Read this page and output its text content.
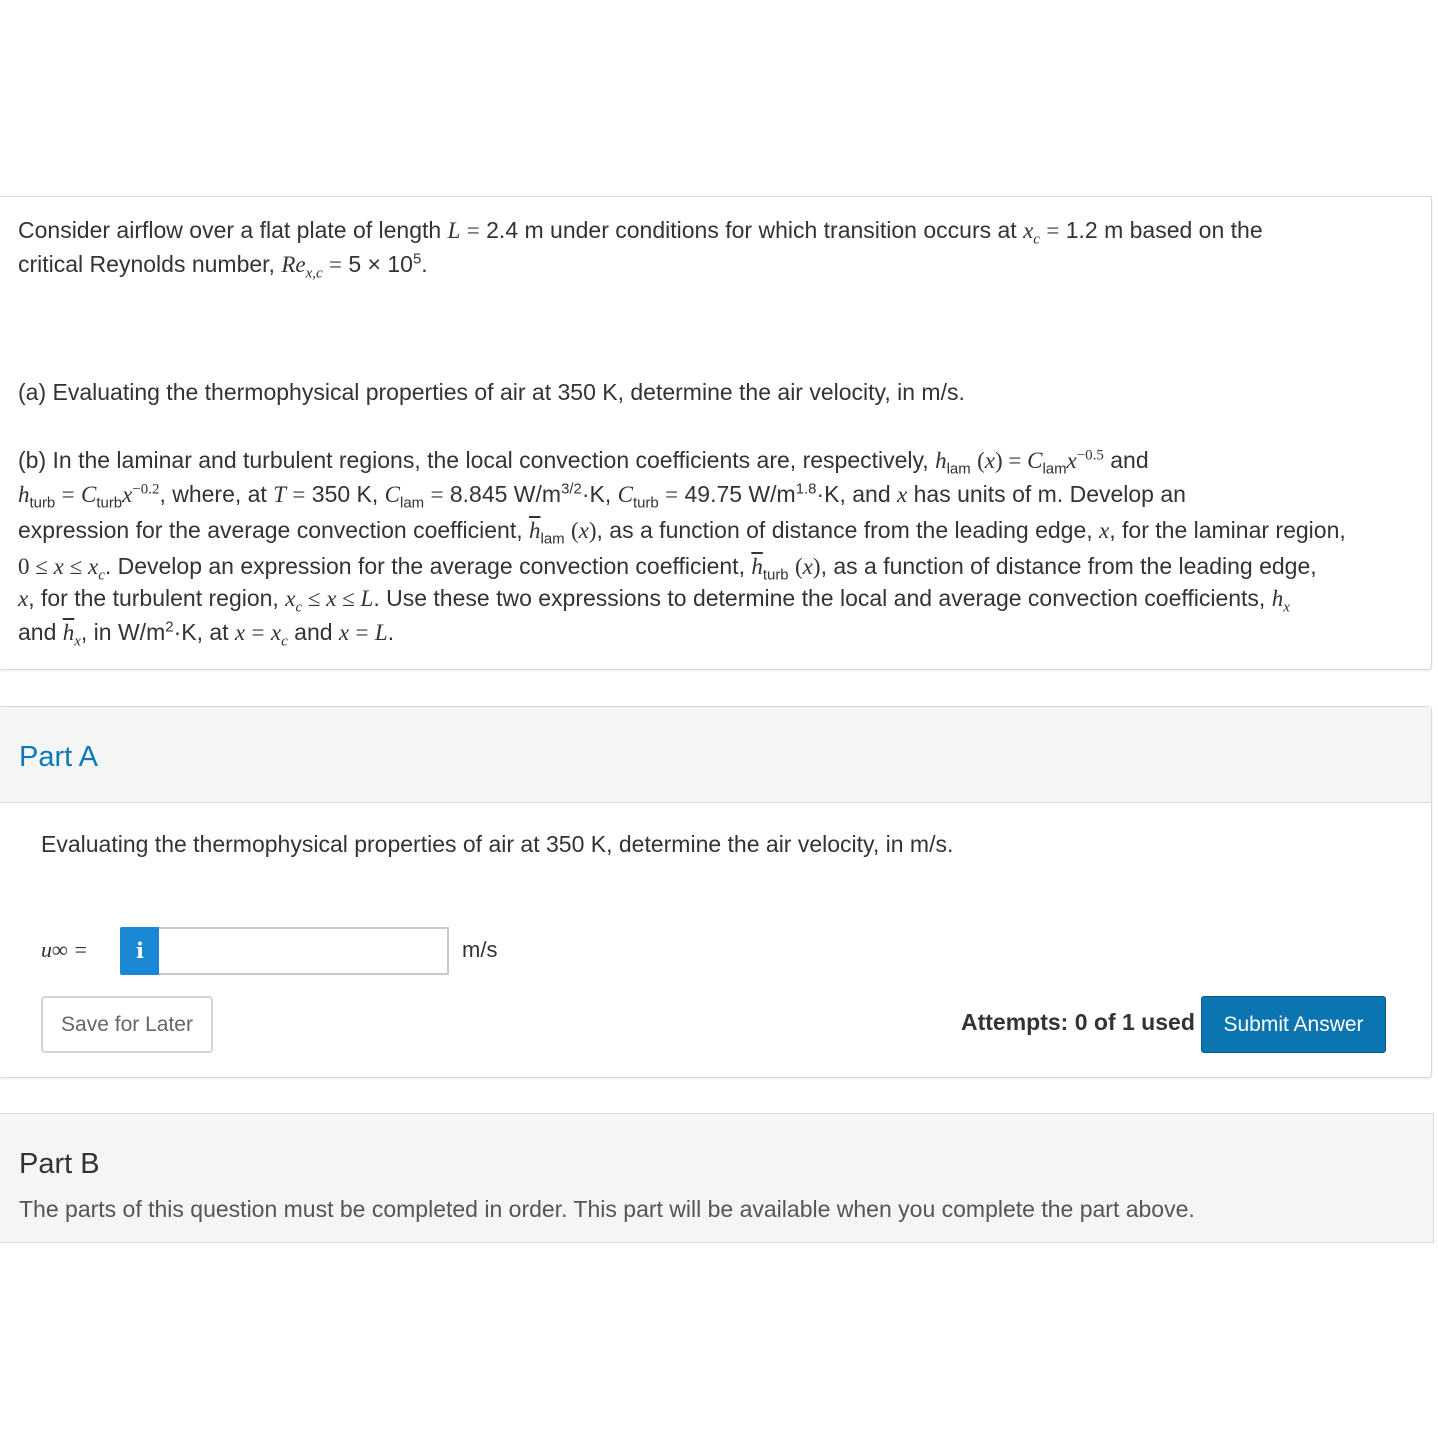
Consider airflow over a flat plate of length L = 2.4 m under conditions for which transition occurs at $x_c = 1.2$ m based on the
critical Reynolds number, $Re_{x,c} = 5 \times 10^5$.
(a) Evaluating the thermophysical properties of air at 350 K, determine the air velocity, in m/s.
(b) In the laminar and turbulent regions, the local convection coefficients are, respectively, $h_{lam}$ $(x) = C_{lam}x^{-0.5}$ and
$h_{turb} = C_{turb}x^{-0.2}$, where, at T = 350 K, $C_{lam} = 8.845$ $W/m^{3/2}\cdot K$, $C_{turb} = 49.75$ $W/m^{1.8}\cdot K$, and x has units of m. Develop an
expression for the average convection coefficient, $\overline{h}_{lam}$ (x), as a function of distance from the leading edge, x, for the laminar region,
$0 \le x \le x_c$. Develop an expression for the average convection coefficient, $\overline{h}_{turb}$ (x), as a function of distance from the leading edge,
x, for the turbulent region, $x_c \le x \le L$. Use these two expressions to determine the local and average convection coefficients, $h_x$
and $\overline{h}_x$, in $W/m^2\cdot K$, at $x = x_c$ and x = L.
Part A
Evaluating the thermophysical properties of air at 350 K, determine the air velocity, in m/s.
u∞ =	i	m/s
Save for Later	Attempts: 0 of 1 used	Submit Answer
Part B
The parts of this question must be completed in order. This part will be available when you complete the part above.
